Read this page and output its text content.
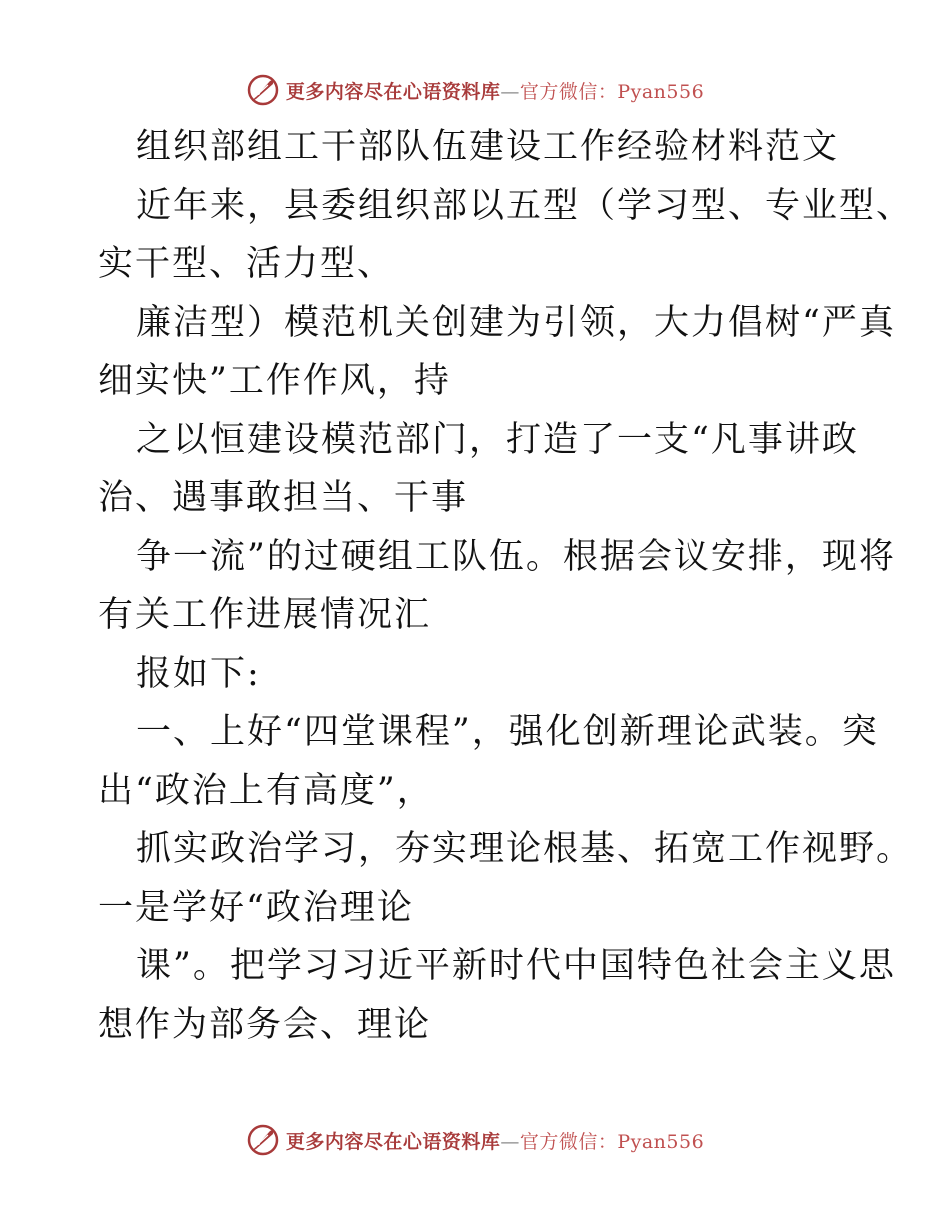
更多内容尽在心语资料库—官方微信：Pyan556
组织部组工干部队伍建设工作经验材料范文
近年来，县委组织部以五型（学习型、专业型、
实干型、活力型、
廉洁型）模范机关创建为引领，大力倡树“严真
细实快”工作作风，持
之以恒建设模范部门，打造了一支“凡事讲政
治、遇事敢担当、干事
争一流”的过硬组工队伍。根据会议安排，现将
有关工作进展情况汇
报如下:
一、上好“四堂课程”，强化创新理论武装。突
出“政治上有高度”，
抓实政治学习，夯实理论根基、拓宽工作视野。
一是学好“政治理论
课”。把学习习近平新时代中国特色社会主义思
想作为部务会、理论
更多内容尽在心语资料库—官方微信：Pyan556
